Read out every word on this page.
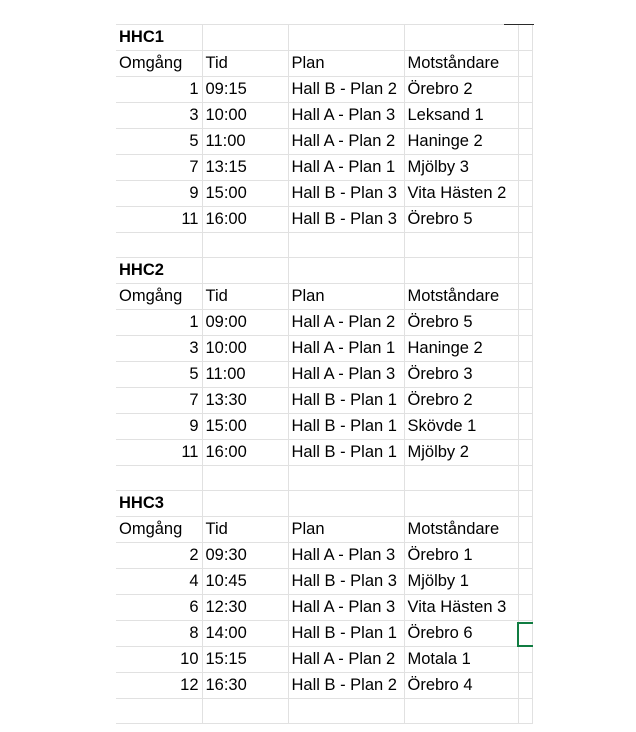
HHC1				
Omgång	Tid	Plan	Motståndare	
1	09:15	Hall B - Plan 2	Örebro 2	
3	10:00	Hall A - Plan 3	Leksand 1	
5	11:00	Hall A - Plan 2	Haninge 2	
7	13:15	Hall A - Plan 1	Mjölby 3	
9	15:00	Hall B - Plan 3	Vita Hästen 2	
11	16:00	Hall B - Plan 3	Örebro 5	

HHC2				
Omgång	Tid	Plan	Motståndare	
1	09:00	Hall A - Plan 2	Örebro 5	
3	10:00	Hall A - Plan 1	Haninge 2	
5	11:00	Hall A - Plan 3	Örebro 3	
7	13:30	Hall B - Plan 1	Örebro 2	
9	15:00	Hall B - Plan 1	Skövde 1	
11	16:00	Hall B - Plan 1	Mjölby 2	

HHC3				
Omgång	Tid	Plan	Motståndare	
2	09:30	Hall A - Plan 3	Örebro 1	
4	10:45	Hall B - Plan 3	Mjölby 1	
6	12:30	Hall A - Plan 3	Vita Hästen 3	
8	14:00	Hall B - Plan 1	Örebro 6	
10	15:15	Hall A - Plan 2	Motala 1	
12	16:30	Hall B - Plan 2	Örebro 4	
